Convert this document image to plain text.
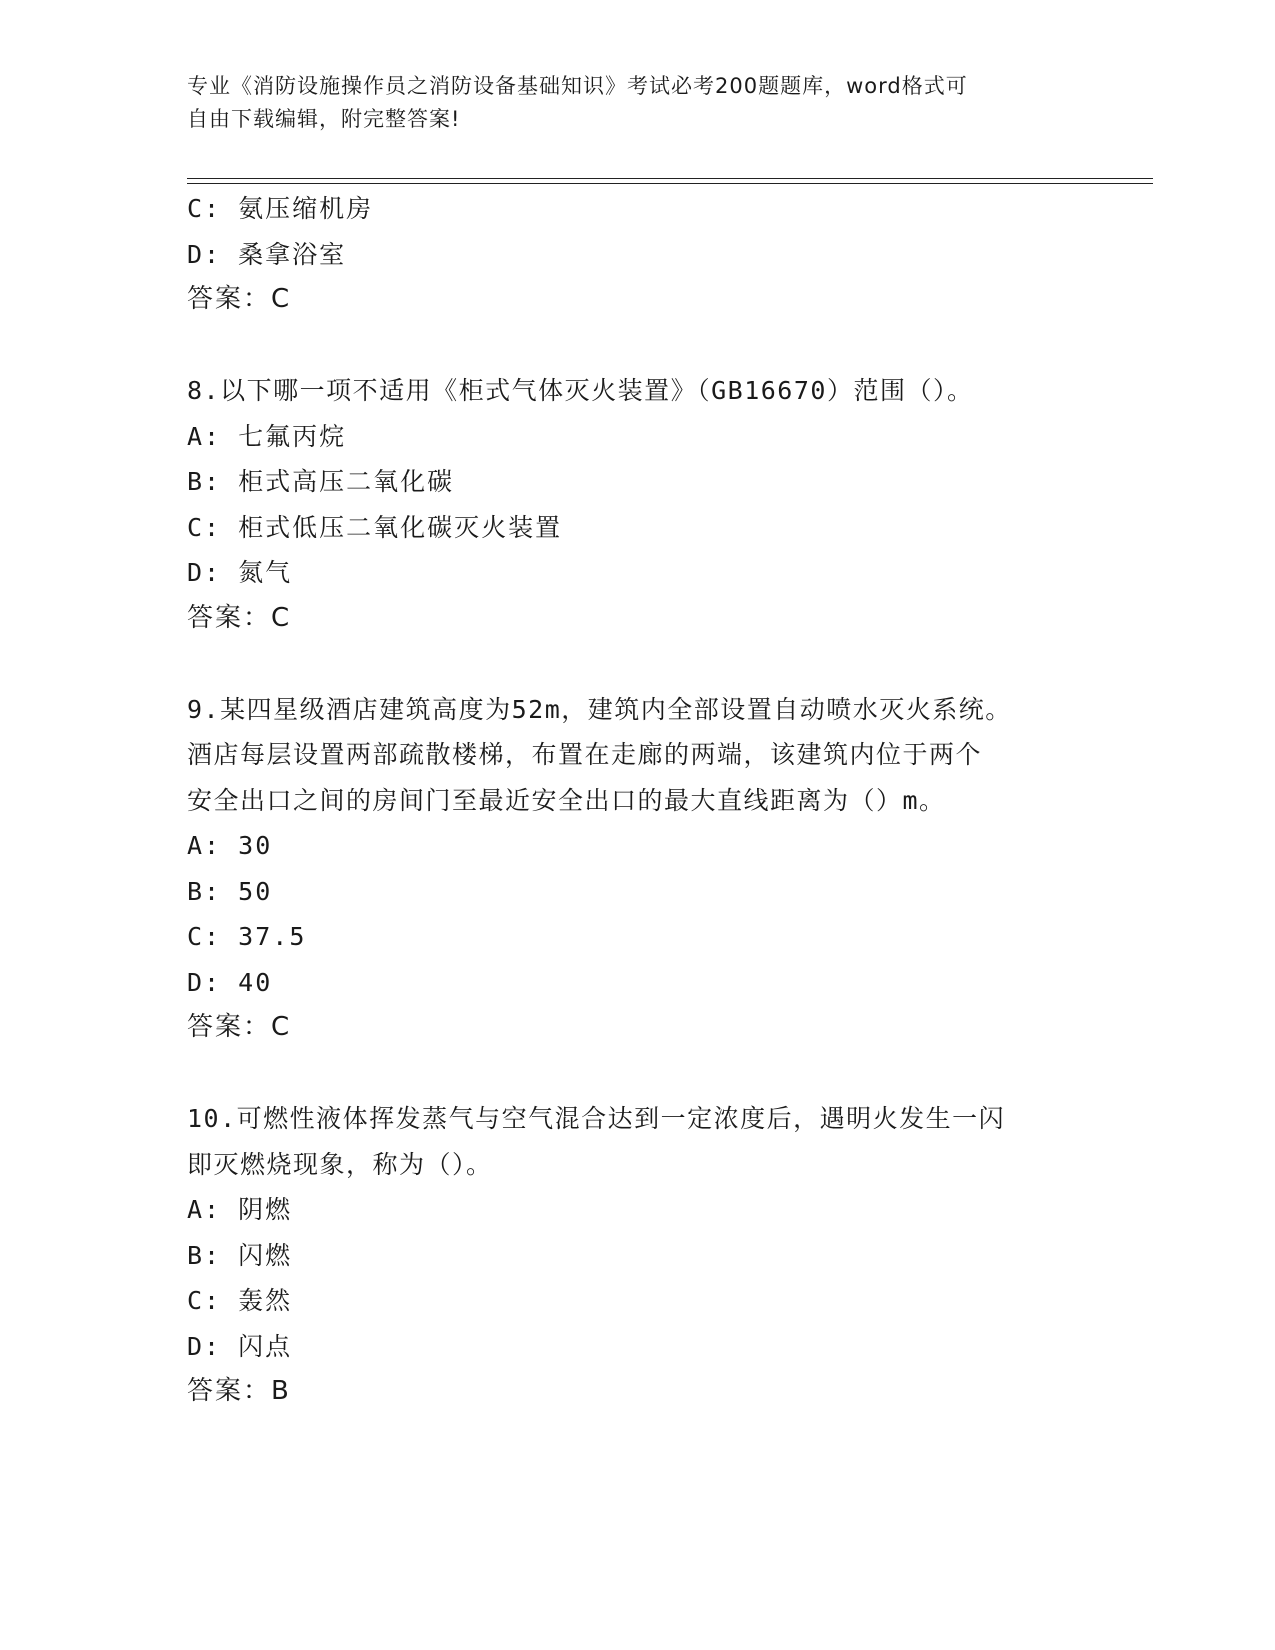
专业《消防设施操作员之消防设备基础知识》考试必考200题题库，word格式可
自由下载编辑，附完整答案!
C: 氨压缩机房
D: 桑拿浴室
答案：C
8.以下哪一项不适用《柜式气体灭火装置》（GB16670）范围（）。
A: 七氟丙烷
B: 柜式高压二氧化碳
C: 柜式低压二氧化碳灭火装置
D: 氮气
答案：C
9.某四星级酒店建筑高度为52m，建筑内全部设置自动喷水灭火系统。
酒店每层设置两部疏散楼梯，布置在走廊的两端，该建筑内位于两个
安全出口之间的房间门至最近安全出口的最大直线距离为（）m。
A: 30
B: 50
C: 37.5
D: 40
答案：C
10.可燃性液体挥发蒸气与空气混合达到一定浓度后，遇明火发生一闪
即灭燃烧现象，称为（）。
A: 阴燃
B: 闪燃
C: 轰然
D: 闪点
答案：B
